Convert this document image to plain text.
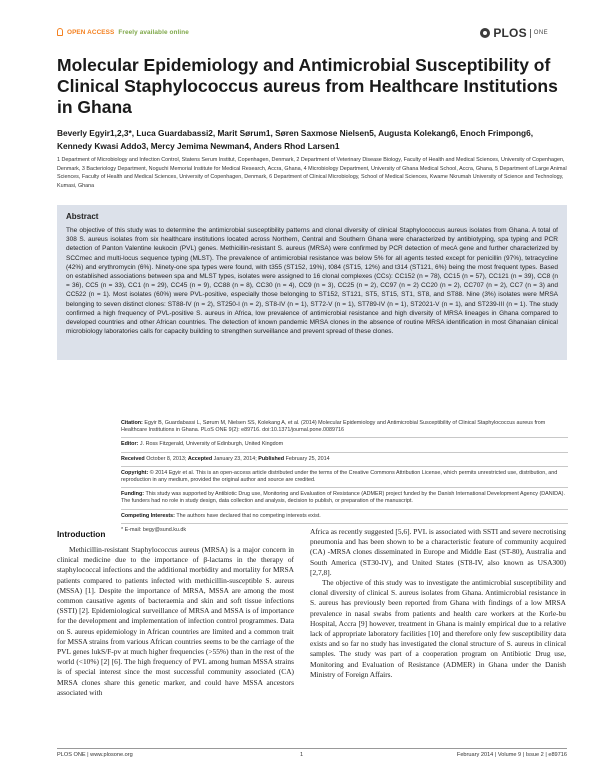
OPEN ACCESS Freely available online	PLOS ONE
Molecular Epidemiology and Antimicrobial Susceptibility of Clinical Staphylococcus aureus from Healthcare Institutions in Ghana
Beverly Egyir1,2,3*, Luca Guardabassi2, Marit Sørum1, Søren Saxmose Nielsen5, Augusta Kolekang6, Enoch Frimpong6, Kennedy Kwasi Addo3, Mercy Jemima Newman4, Anders Rhod Larsen1
1 Department of Microbiology and Infection Control, Statens Serum Institut, Copenhagen, Denmark, 2 Department of Veterinary Disease Biology, Faculty of Health and Medical Sciences, University of Copenhagen, Denmark, 3 Bacteriology Department, Noguchi Memorial Institute for Medical Research, Accra, Ghana, 4 Microbiology Department, University of Ghana Medical School, Accra, Ghana, 5 Department of Large Animal Sciences, Faculty of Health and Medical Sciences, University of Copenhagen, Denmark, 6 Department of Clinical Microbiology, School of Medical Sciences, Kwame Nkrumah University of Science and Technology, Kumasi, Ghana
Abstract
The objective of this study was to determine the antimicrobial susceptibility patterns and clonal diversity of clinical Staphylococcus aureus isolates from Ghana. A total of 308 S. aureus isolates from six healthcare institutions located across Northern, Central and Southern Ghana were characterized by antibiotyping, spa typing and PCR detection of Panton Valentine leukocin (PVL) genes. Methicillin-resistant S. aureus (MRSA) were confirmed by PCR detection of mecA gene and further characterized by SCCmec and multi-locus sequence typing (MLST). The prevalence of antimicrobial resistance was below 5% for all agents tested except for penicillin (97%), tetracycline (42%) and erythromycin (6%). Ninety-one spa types were found, with t355 (ST152, 19%), t084 (ST15, 12%) and t314 (ST121, 6%) being the most frequent types. Based on established associations between spa and MLST types, isolates were assigned to 16 clonal complexes (CCs): CC152 (n = 78), CC15 (n = 57), CC121 (n = 39), CC8 (n = 36), CC5 (n = 33), CC1 (n = 29), CC45 (n = 9), CC88 (n = 8), CC30 (n = 4), CC9 (n = 3), CC25 (n = 2), CC97 (n = 2) CC20 (n = 2), CC707 (n = 2), CC7 (n = 3) and CC522 (n = 1). Most isolates (60%) were PVL-positive, especially those belonging to ST152, ST121, ST5, ST15, ST1, ST8, and ST88. Nine (3%) isolates were MRSA belonging to seven distinct clones: ST88-IV (n = 2), ST250-I (n = 2), ST8-IV (n = 1), ST72-V (n = 1), ST789-IV (n = 1), ST2021-V (n = 1), and ST239-III (n = 1). The study confirmed a high frequency of PVL-positive S. aureus in Africa, low prevalence of antimicrobial resistance and high diversity of MRSA lineages in Ghana compared to developed countries and other African countries. The detection of known pandemic MRSA clones in the absence of routine MRSA identification in most Ghanaian clinical microbiology laboratories calls for capacity building to strengthen surveillance and prevent spread of these clones.

Citation: Egyir B, Guardabassi L, Sørum M, Nielsen SS, Kolekang A, et al. (2014) Molecular Epidemiology and Antimicrobial Susceptibility of Clinical Staphylococcus aureus from Healthcare Institutions in Ghana. PLoS ONE 9(2): e89716. doi:10.1371/journal.pone.0089716

Editor: J. Ross Fitzgerald, University of Edinburgh, United Kingdom

Received October 8, 2013; Accepted January 23, 2014; Published February 25, 2014

Copyright: © 2014 Egyir et al. This is an open-access article distributed under the terms of the Creative Commons Attribution License, which permits unrestricted use, distribution, and reproduction in any medium, provided the original author and source are credited.

Funding: This study was supported by Antibiotic Drug use, Monitoring and Evaluation of Resistance (ADMER) project funded by the Danish International Development Agency (DANIDA). The funders had no role in study design, data collection and analysis, decision to publish, or preparation of the manuscript.

Competing Interests: The authors have declared that no competing interests exist.

* E-mail: begy@sund.ku.dk

Introduction

Methicillin-resistant Staphylococcus aureus (MRSA) is a major concern in clinical medicine due to the importance of β-lactams in the therapy of staphylococcal infections and the additional morbidity and mortality for MRSA patients compared to patients infected with methicillin-susceptible S. aureus (MSSA) [1]. Despite the importance of MRSA, MSSA are among the most common causative agents of bacteraemia and skin and soft tissue infections (SSTI) [2]. Epidemiological surveillance of MRSA and MSSA is of importance for the development and implementation of infection control programmes. Data on S. aureus epidemiology in African countries are limited and a common trait for MSSA strains from various African countries seems to be the carriage of the PVL genes lukS/F-pv at much higher frequencies (>55%) than in the rest of the world (<10%) [2] [6]. The high frequency of PVL among human MSSA strains is of special interest since the most successful community associated (CA) MRSA clones share this genetic marker, and could have MSSA ancestors associated with

Africa as recently suggested [5,6]. PVL is associated with SSTI and severe necrotising pneumonia and has been shown to be a characteristic feature of community acquired (CA) -MRSA clones disseminated in Europe and Middle East (ST-80), Australia and South America (ST30-IV), and United States (ST8-IV, also known as USA300) [2,7,8].

The objective of this study was to investigate the antimicrobial susceptibility and clonal diversity of clinical S. aureus isolates from Ghana. Antimicrobial resistance in S. aureus has previously been reported from Ghana with findings of a low MRSA prevalence in nasal swabs from patients and health care workers at the Korle-bu Hospital, Accra [9] however, treatment in Ghana is mainly empirical due to a relative lack of appropriate laboratory facilities [10] and therefore only few susceptibility data exists and so far no study has investigated the clonal structure of S. aureus in clinical samples. The study was part of a cooperation program on Antibiotic Drug use, Monitoring and Evaluation of Resistance (ADMER) in Ghana under the Danish Ministry of Foreign Affairs.

PLOS ONE | www.plosone.org	1	February 2014 | Volume 9 | Issue 2 | e89716
